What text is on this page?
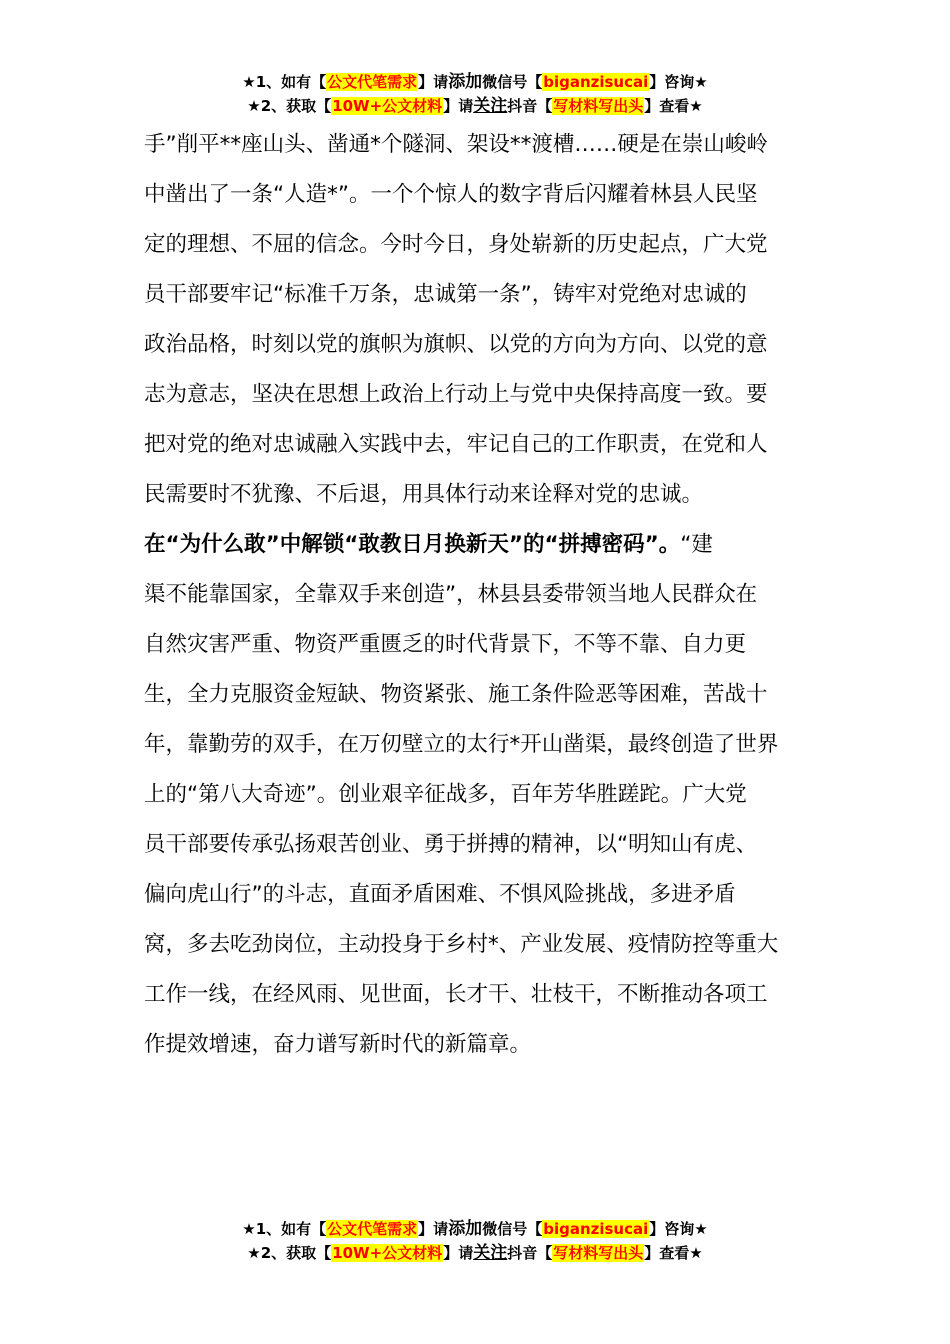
★1、如有【公文代笔需求】请添加微信号【biganzisucai】咨询★
★2、获取【10W+公文材料】请关注抖音【写材料写出头】查看★
手”削平**座山头、凿通*个隧洞、架设**渡槽……硬是在崇山峻岭
中凿出了一条“人造*”。一个个惊人的数字背后闪耀着林县人民坚
定的理想、不屈的信念。今时今日，身处崭新的历史起点，广大党
员干部要牢记“标准千万条，忠诚第一条”，铸牢对党绝对忠诚的
政治品格，时刻以党的旗帜为旗帜、以党的方向为方向、以党的意
志为意志，坚决在思想上政治上行动上与党中央保持高度一致。要
把对党的绝对忠诚融入实践中去，牢记自己的工作职责，在党和人
民需要时不犹豫、不后退，用具体行动来诠释对党的忠诚。
在“为什么敢”中解锁“敢教日月换新天”的“拼搏密码”。“建
渠不能靠国家，全靠双手来创造”，林县县委带领当地人民群众在
自然灾害严重、物资严重匮乏的时代背景下，不等不靠、自力更
生，全力克服资金短缺、物资紧张、施工条件险恶等困难，苦战十
年，靠勤劳的双手，在万仞壁立的太行*开山凿渠，最终创造了世界
上的“第八大奇迹”。创业艰辛征战多，百年芳华胜蹉跎。广大党
员干部要传承弘扬艰苦创业、勇于拼搏的精神，以“明知山有虎、
偏向虎山行”的斗志，直面矛盾困难、不惧风险挑战，多进矛盾
窝，多去吃劲岗位，主动投身于乡村*、产业发展、疫情防控等重大
工作一线，在经风雨、见世面，长才干、壮枝干，不断推动各项工
作提效增速，奋力谱写新时代的新篇章。
★1、如有【公文代笔需求】请添加微信号【biganzisucai】咨询★
★2、获取【10W+公文材料】请关注抖音【写材料写出头】查看★
